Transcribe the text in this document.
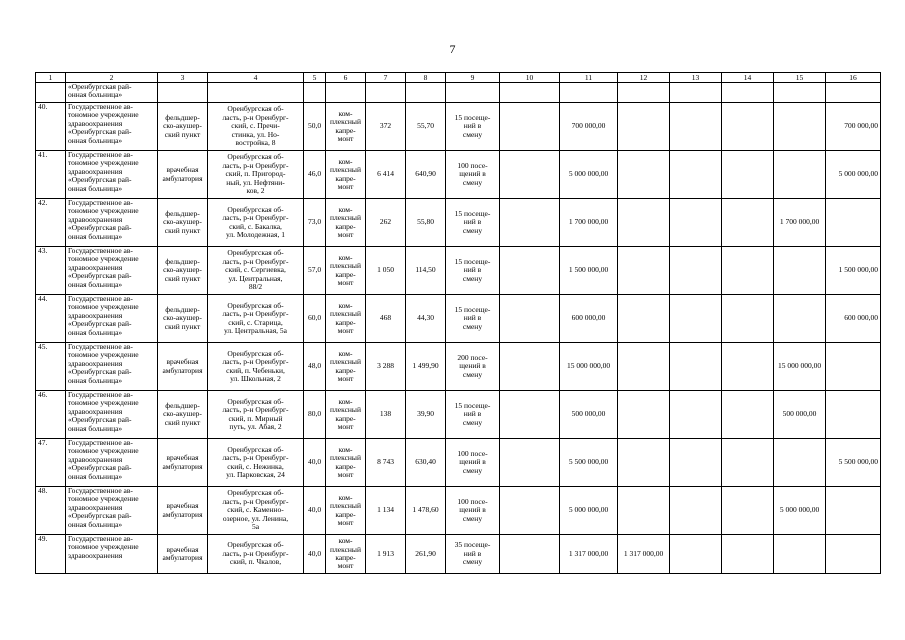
7
1	2	3	4	5	6	7	8	9	10	11	12	13	14	15	16

	«Оренбургская рай-
онная больница»														

40.	Государственное ав-
тономное учреждение
здравоохранения
«Оренбургская рай-
онная больница»	фельдшер-
ско-акушер-
ский пункт	Оренбургская об-
ласть, р-н Оренбург-
ский, с. Пречи-
стинка, ул. Но-
востройка, 8	50,0	ком-
плексный
капре-
монт	372	55,70	15 посеще-
ний в
смену		700 000,00					700 000,00
41.	Государственное ав-
тономное учреждение
здравоохранения
«Оренбургская рай-
онная больница»	врачебная
амбулатория	Оренбургская об-
ласть, р-н Оренбург-
ский, п. Пригород-
ный, ул. Нефтяни-
ков, 2	46,0	ком-
плексный
капре-
монт	6 414	640,90	100 посе-
щений в
смену		5 000 000,00					5 000 000,00
42.	Государственное ав-
тономное учреждение
здравоохранения
«Оренбургская рай-
онная больница»	фельдшер-
ско-акушер-
ский пункт	Оренбургская об-
ласть, р-н Оренбург-
ский, с. Бакалка,
ул. Молодежная, 1	73,0	ком-
плексный
капре-
монт	262	55,80	15 посеще-
ний в
смену		1 700 000,00				1 700 000,00	
43.	Государственное ав-
тономное учреждение
здравоохранения
«Оренбургская рай-
онная больница»	фельдшер-
ско-акушер-
ский пункт	Оренбургская об-
ласть, р-н Оренбург-
ский, с. Сергиевка,
ул. Центральная,
88/2	57,0	ком-
плексный
капре-
монт	1 050	114,50	15 посеще-
ний в
смену		1 500 000,00					1 500 000,00
44.	Государственное ав-
тономное учреждение
здравоохранения
«Оренбургская рай-
онная больница»	фельдшер-
ско-акушер-
ский пункт	Оренбургская об-
ласть, р-н Оренбург-
ский, с. Старица,
ул. Центральная, 5а	60,0	ком-
плексный
капре-
монт	468	44,30	15 посеще-
ний в
смену		600 000,00					600 000,00
45.	Государственное ав-
тономное учреждение
здравоохранения
«Оренбургская рай-
онная больница»	врачебная
амбулатория	Оренбургская об-
ласть, р-н Оренбург-
ский, п. Чебеньки,
ул. Школьная, 2	48,0	ком-
плексный
капре-
монт	3 288	1 499,90	200 посе-
щений в
смену		15 000 000,00				15 000 000,00	
46.	Государственное ав-
тономное учреждение
здравоохранения
«Оренбургская рай-
онная больница»	фельдшер-
ско-акушер-
ский пункт	Оренбургская об-
ласть, р-н Оренбург-
ский, п. Мирный
путь, ул. Абая, 2	80,0	ком-
плексный
капре-
монт	138	39,90	15 посеще-
ний в
смену		500 000,00				500 000,00	
47.	Государственное ав-
тономное учреждение
здравоохранения
«Оренбургская рай-
онная больница»	врачебная
амбулатория	Оренбургская об-
ласть, р-н Оренбург-
ский, с. Нежинка,
ул. Парковская, 24	40,0	ком-
плексный
капре-
монт	8 743	630,40	100 посе-
щений в
смену		5 500 000,00					5 500 000,00
48.	Государственное ав-
тономное учреждение
здравоохранения
«Оренбургская рай-
онная больница»	врачебная
амбулатория	Оренбургская об-
ласть, р-н Оренбург-
ский, с. Каменно-
озерное, ул. Ленина,
5а	40,0	ком-
плексный
капре-
монт	1 134	1 478,60	100 посе-
щений в
смену		5 000 000,00				5 000 000,00	
49.	Государственное ав-
тономное учреждение
здравоохранения	врачебная
амбулатория	Оренбургская об-
ласть, р-н Оренбург-
ский, п. Чкалов,	40,0	ком-
плексный
капре-
монт	1 913	261,90	35 посеще-
ний в
смену		1 317 000,00	1 317 000,00				
